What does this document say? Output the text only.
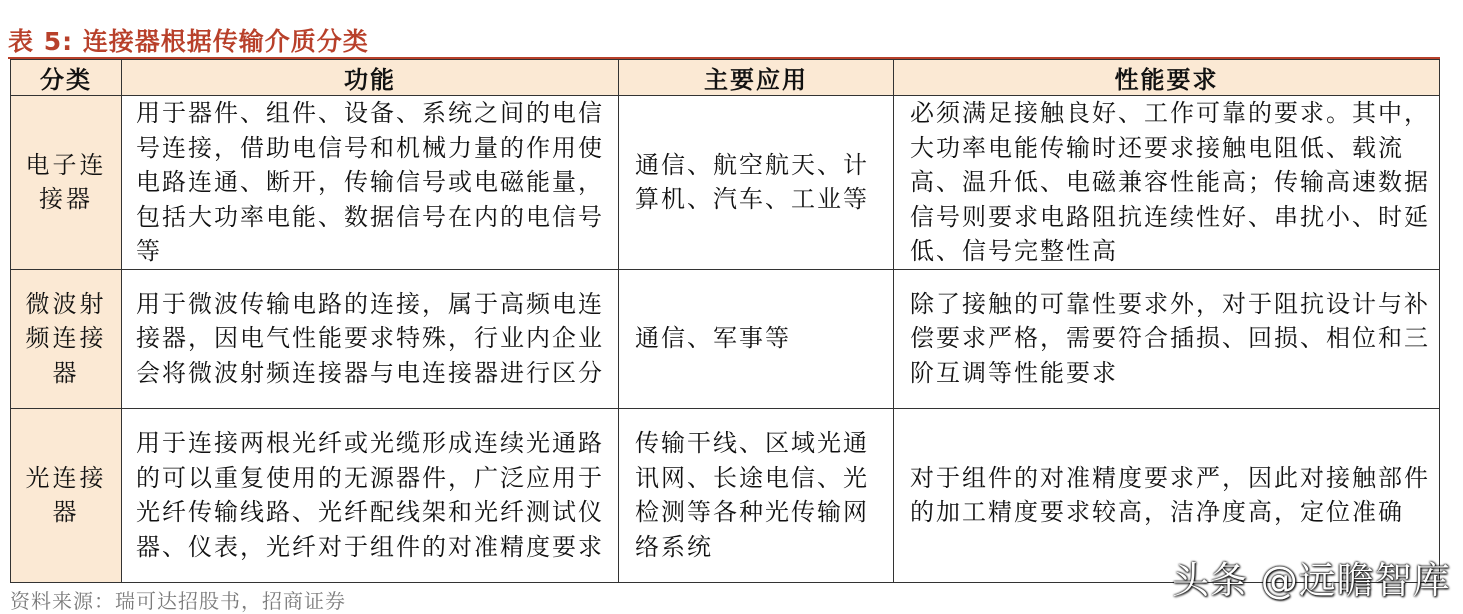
表 5: 连接器根据传输介质分类
分类	功能	主要应用	性能要求
电子连接器	用于器件、组件、设备、系统之间的电信号连接，借助电信号和机械力量的作用使电路连通、断开，传输信号或电磁能量，包括大功率电能、数据信号在内的电信号等	通信、航空航天、计算机、汽车、工业等	必须满足接触良好、工作可靠的要求。其中，大功率电能传输时还要求接触电阻低、载流高、温升低、电磁兼容性能高；传输高速数据信号则要求电路阻抗连续性好、串扰小、时延低、信号完整性高
微波射频连接器	用于微波传输电路的连接，属于高频电连接器，因电气性能要求特殊，行业内企业会将微波射频连接器与电连接器进行区分	通信、军事等	除了接触的可靠性要求外，对于阻抗设计与补偿要求严格，需要符合插损、回损、相位和三阶互调等性能要求
光连接器	用于连接两根光纤或光缆形成连续光通路的可以重复使用的无源器件，广泛应用于光纤传输线路、光纤配线架和光纤测试仪器、仪表，光纤对于组件的对准精度要求	传输干线、区域光通讯网、长途电信、光检测等各种光传输网络系统	对于组件的对准精度要求严，因此对接触部件的加工精度要求较高，洁净度高，定位准确
资料来源：瑞可达招股书，招商证券	头条 @远瞻智库
